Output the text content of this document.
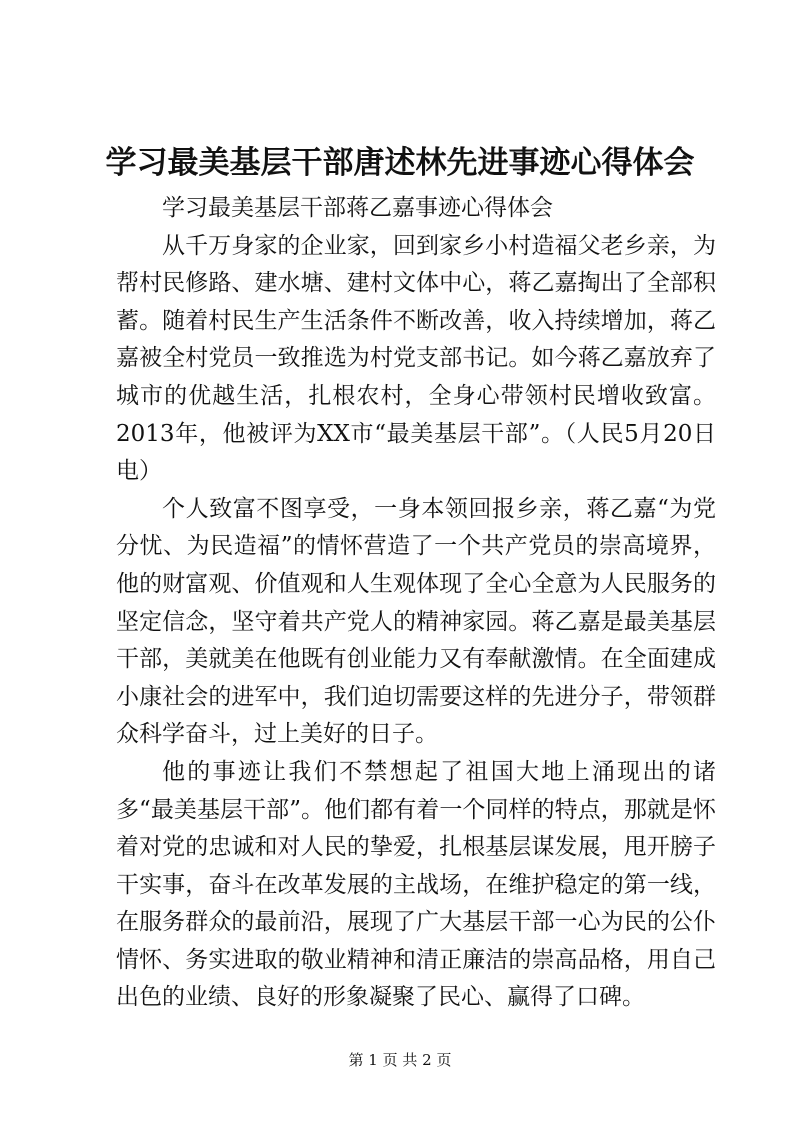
学习最美基层干部唐述林先进事迹心得体会

学习最美基层干部蒋乙嘉事迹心得体会

从千万身家的企业家，回到家乡小村造福父老乡亲，为帮村民修路、建水塘、建村文体中心，蒋乙嘉掏出了全部积蓄。随着村民生产生活条件不断改善，收入持续增加，蒋乙嘉被全村党员一致推选为村党支部书记。如今蒋乙嘉放弃了城市的优越生活，扎根农村，全身心带领村民增收致富。2013年，他被评为XX市“最美基层干部”。（人民5月20日电）

个人致富不图享受，一身本领回报乡亲，蒋乙嘉“为党分忧、为民造福”的情怀营造了一个共产党员的崇高境界，他的财富观、价值观和人生观体现了全心全意为人民服务的坚定信念，坚守着共产党人的精神家园。蒋乙嘉是最美基层干部，美就美在他既有创业能力又有奉献激情。在全面建成小康社会的进军中，我们迫切需要这样的先进分子，带领群众科学奋斗，过上美好的日子。

他的事迹让我们不禁想起了祖国大地上涌现出的诸多“最美基层干部”。他们都有着一个同样的特点，那就是怀着对党的忠诚和对人民的挚爱，扎根基层谋发展，甩开膀子干实事，奋斗在改革发展的主战场，在维护稳定的第一线，在服务群众的最前沿，展现了广大基层干部一心为民的公仆情怀、务实进取的敬业精神和清正廉洁的崇高品格，用自己出色的业绩、良好的形象凝聚了民心、赢得了口碑。

第 1 页 共 2 页
